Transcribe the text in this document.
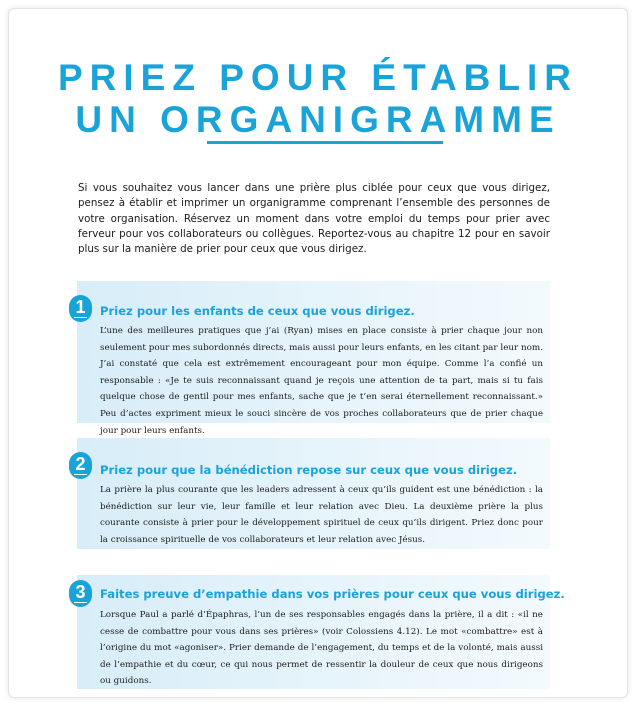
PRIEZ POUR ÉTABLIR
UN ORGANIGRAMME

Si vous souhaitez vous lancer dans une prière plus ciblée pour ceux que vous dirigez, pensez à établir et imprimer un organigramme comprenant l’ensemble des personnes de votre organisation. Réservez un moment dans votre emploi du temps pour prier avec ferveur pour vos collaborateurs ou collègues. Reportez-vous au chapitre 12 pour en savoir plus sur la manière de prier pour ceux que vous dirigez.

1	Priez pour les enfants de ceux que vous dirigez.

L’une des meilleures pratiques que j’ai (Ryan) mises en place consiste à prier chaque jour non seulement pour mes subordonnés directs, mais aussi pour leurs enfants, en les citant par leur nom. J’ai constaté que cela est extrêmement encourageant pour mon équipe. Comme l’a confié un responsable : «Je te suis reconnaissant quand je reçois une attention de ta part, mais si tu fais quelque chose de gentil pour mes enfants, sache que je t’en serai éternellement reconnaissant.» Peu d’actes expriment mieux le souci sincère de vos proches collaborateurs que de prier chaque jour pour leurs enfants.

2	Priez pour que la bénédiction repose sur ceux que vous dirigez.

La prière la plus courante que les leaders adressent à ceux qu’ils guident est une bénédiction : la bénédiction sur leur vie, leur famille et leur relation avec Dieu. La deuxième prière la plus courante consiste à prier pour le développement spirituel de ceux qu’ils dirigent. Priez donc pour la croissance spirituelle de vos collaborateurs et leur relation avec Jésus.

3	Faites preuve d’empathie dans vos prières pour ceux que vous dirigez.

Lorsque Paul a parlé d’Épaphras, l’un de ses responsables engagés dans la prière, il a dit : «il ne cesse de combattre pour vous dans ses prières» (voir Colossiens 4.12). Le mot «combattre» est à l’origine du mot «agoniser». Prier demande de l’engagement, du temps et de la volonté, mais aussi de l’empathie et du cœur, ce qui nous permet de ressentir la douleur de ceux que nous dirigeons ou guidons.
